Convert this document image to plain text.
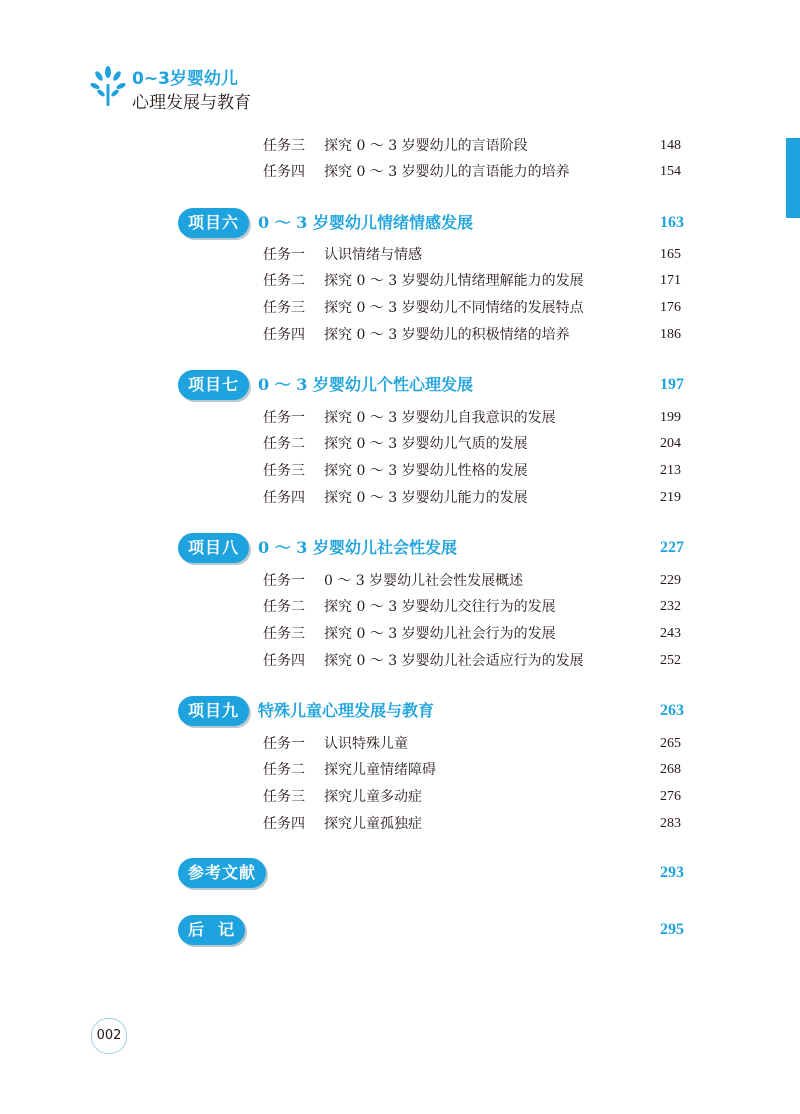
0~3岁婴幼儿
心理发展与教育
任务三 探究 0 ～ 3 岁婴幼儿的言语阶段	148
任务四 探究 0 ～ 3 岁婴幼儿的言语能力的培养	154
项目六	0 ～ 3 岁婴幼儿情绪情感发展	163
任务一 认识情绪与情感	165
任务二 探究 0 ～ 3 岁婴幼儿情绪理解能力的发展	171
任务三 探究 0 ～ 3 岁婴幼儿不同情绪的发展特点	176
任务四 探究 0 ～ 3 岁婴幼儿的积极情绪的培养	186
项目七	0 ～ 3 岁婴幼儿个性心理发展	197
任务一 探究 0 ～ 3 岁婴幼儿自我意识的发展	199
任务二 探究 0 ～ 3 岁婴幼儿气质的发展	204
任务三 探究 0 ～ 3 岁婴幼儿性格的发展	213
任务四 探究 0 ～ 3 岁婴幼儿能力的发展	219
项目八	0 ～ 3 岁婴幼儿社会性发展	227
任务一 0 ～ 3 岁婴幼儿社会性发展概述	229
任务二 探究 0 ～ 3 岁婴幼儿交往行为的发展	232
任务三 探究 0 ～ 3 岁婴幼儿社会行为的发展	243
任务四 探究 0 ～ 3 岁婴幼儿社会适应行为的发展	252
项目九	特殊儿童心理发展与教育	263
任务一 认识特殊儿童	265
任务二 探究儿童情绪障碍	268
任务三 探究儿童多动症	276
任务四 探究儿童孤独症	283
参考文献	293
后  记	295
002
